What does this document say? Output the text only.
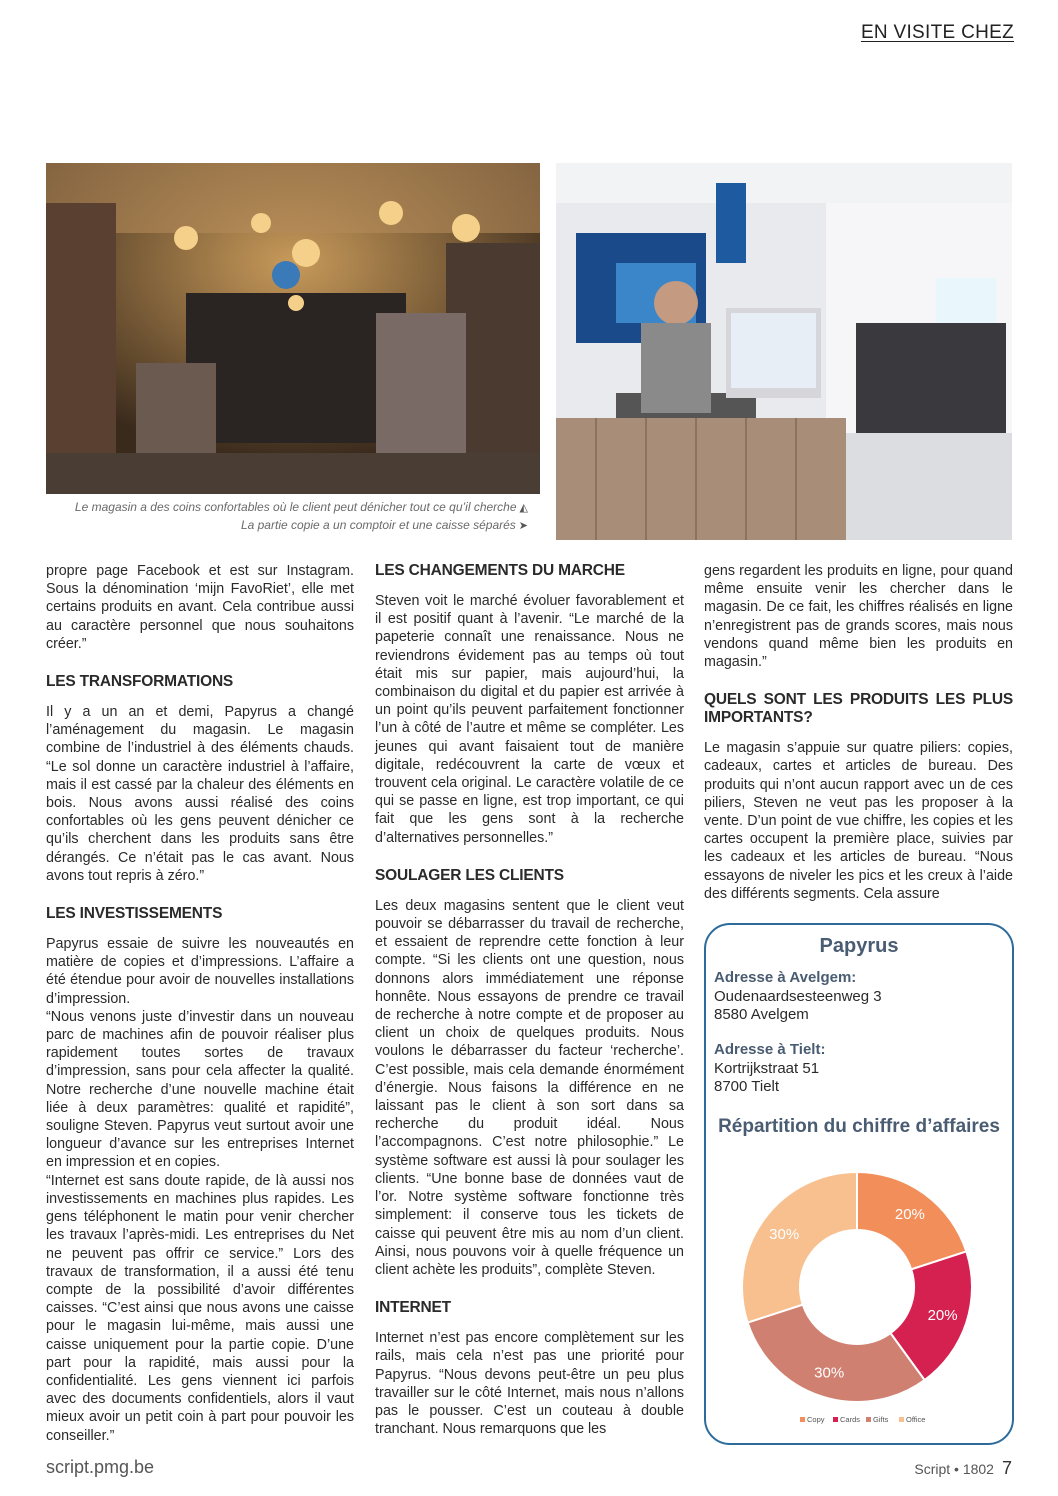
EN VISITE CHEZ
Le magasin a des coins confortables où le client peut dénicher tout ce qu’il cherche ◭
La partie copie a un comptoir et une caisse séparés ➤

propre page Facebook et est sur Instagram. Sous la dénomination ‘mijn FavoRiet’, elle met certains produits en avant. Cela contribue aussi au caractère personnel que nous souhaitons créer.”

LES TRANSFORMATIONS

Il y a un an et demi, Papyrus a changé l’aménagement du magasin. Le magasin combine de l’industriel à des éléments chauds. “Le sol donne un caractère industriel à l’affaire, mais il est cassé par la chaleur des éléments en bois. Nous avons aussi réalisé des coins confortables où les gens peuvent dénicher ce qu’ils cherchent dans les produits sans être dérangés. Ce n’était pas le cas avant. Nous avons tout repris à zéro.”

LES INVESTISSEMENTS

Papyrus essaie de suivre les nouveautés en matière de copies et d’impressions. L’affaire a été étendue pour avoir de nouvelles installations d’impression.

“Nous venons juste d’investir dans un nouveau parc de machines afin de pouvoir réaliser plus rapidement toutes sortes de travaux d’impression, sans pour cela affecter la qualité. Notre recherche d’une nouvelle machine était liée à deux paramètres: qualité et rapidité”, souligne Steven. Papyrus veut surtout avoir une longueur d’avance sur les entreprises Internet en impression et en copies.

“Internet est sans doute rapide, de là aussi nos investissements en machines plus rapides. Les gens téléphonent le matin pour venir chercher les travaux l’après-midi. Les entreprises du Net ne peuvent pas offrir ce service.” Lors des travaux de transformation, il a aussi été tenu compte de la possibilité d’avoir différentes caisses. “C’est ainsi que nous avons une caisse pour le magasin lui-même, mais aussi une caisse uniquement pour la partie copie. D’une part pour la rapidité, mais aussi pour la confidentialité. Les gens viennent ici parfois avec des documents confidentiels, alors il vaut mieux avoir un petit coin à part pour pouvoir les conseiller.”

LES CHANGEMENTS DU MARCHE

Steven voit le marché évoluer favorablement et il est positif quant à l’avenir. “Le marché de la papeterie connaît une renaissance. Nous ne reviendrons évidement pas au temps où tout était mis sur papier, mais aujourd’hui, la combinaison du digital et du papier est arrivée à un point qu’ils peuvent parfaitement fonctionner l’un à côté de l’autre et même se compléter. Les jeunes qui avant faisaient tout de manière digitale, redécouvrent la carte de vœux et trouvent cela original. Le caractère volatile de ce qui se passe en ligne, est trop important, ce qui fait que les gens sont à la recherche d’alternatives personnelles.”

SOULAGER LES CLIENTS

Les deux magasins sentent que le client veut pouvoir se débarrasser du travail de recherche, et essaient de reprendre cette fonction à leur compte. “Si les clients ont une question, nous donnons alors immédiatement une réponse honnête. Nous essayons de prendre ce travail de recherche à notre compte et de proposer au client un choix de quelques produits. Nous voulons le débarrasser du facteur ‘recherche’. C’est possible, mais cela demande énormément d’énergie. Nous faisons la différence en ne laissant pas le client à son sort dans sa recherche du produit idéal. Nous l’accompagnons. C’est notre philosophie.” Le système software est aussi là pour soulager les clients. “Une bonne base de données vaut de l’or. Notre système software fonctionne très simplement: il conserve tous les tickets de caisse qui peuvent être mis au nom d’un client. Ainsi, nous pouvons voir à quelle fréquence un client achète les produits”, complète Steven.

INTERNET

Internet n’est pas encore complètement sur les rails, mais cela n’est pas une priorité pour Papyrus. “Nous devons peut-être un peu plus travailler sur le côté Internet, mais nous n’allons pas le pousser. C’est un couteau à double tranchant. Nous remarquons que les

gens regardent les produits en ligne, pour quand même ensuite venir les chercher dans le magasin. De ce fait, les chiffres réalisés en ligne n’enregistrent pas de grands scores, mais nous vendons quand même bien les produits en magasin.”

QUELS SONT LES PRODUITS LES PLUS IMPORTANTS?

Le magasin s’appuie sur quatre piliers: copies, cadeaux, cartes et articles de bureau. Des produits qui n’ont aucun rapport avec un de ces piliers, Steven ne veut pas les proposer à la vente. D’un point de vue chiffre, les copies et les cartes occupent la première place, suivies par les cadeaux et les articles de bureau. “Nous essayons de niveler les pics et les creux à l’aide des différents segments. Cela assure

Papyrus
Adresse à Avelgem:
Oudenaardsesteenweg 3
8580 Avelgem
Adresse à Tielt:
Kortrijkstraat 51
8700 Tielt
Répartition du chiffre d’affaires
20%
20%
30%
30%
Copy Cards Gifts Office
script.pmg.be	Script • 1802 7
